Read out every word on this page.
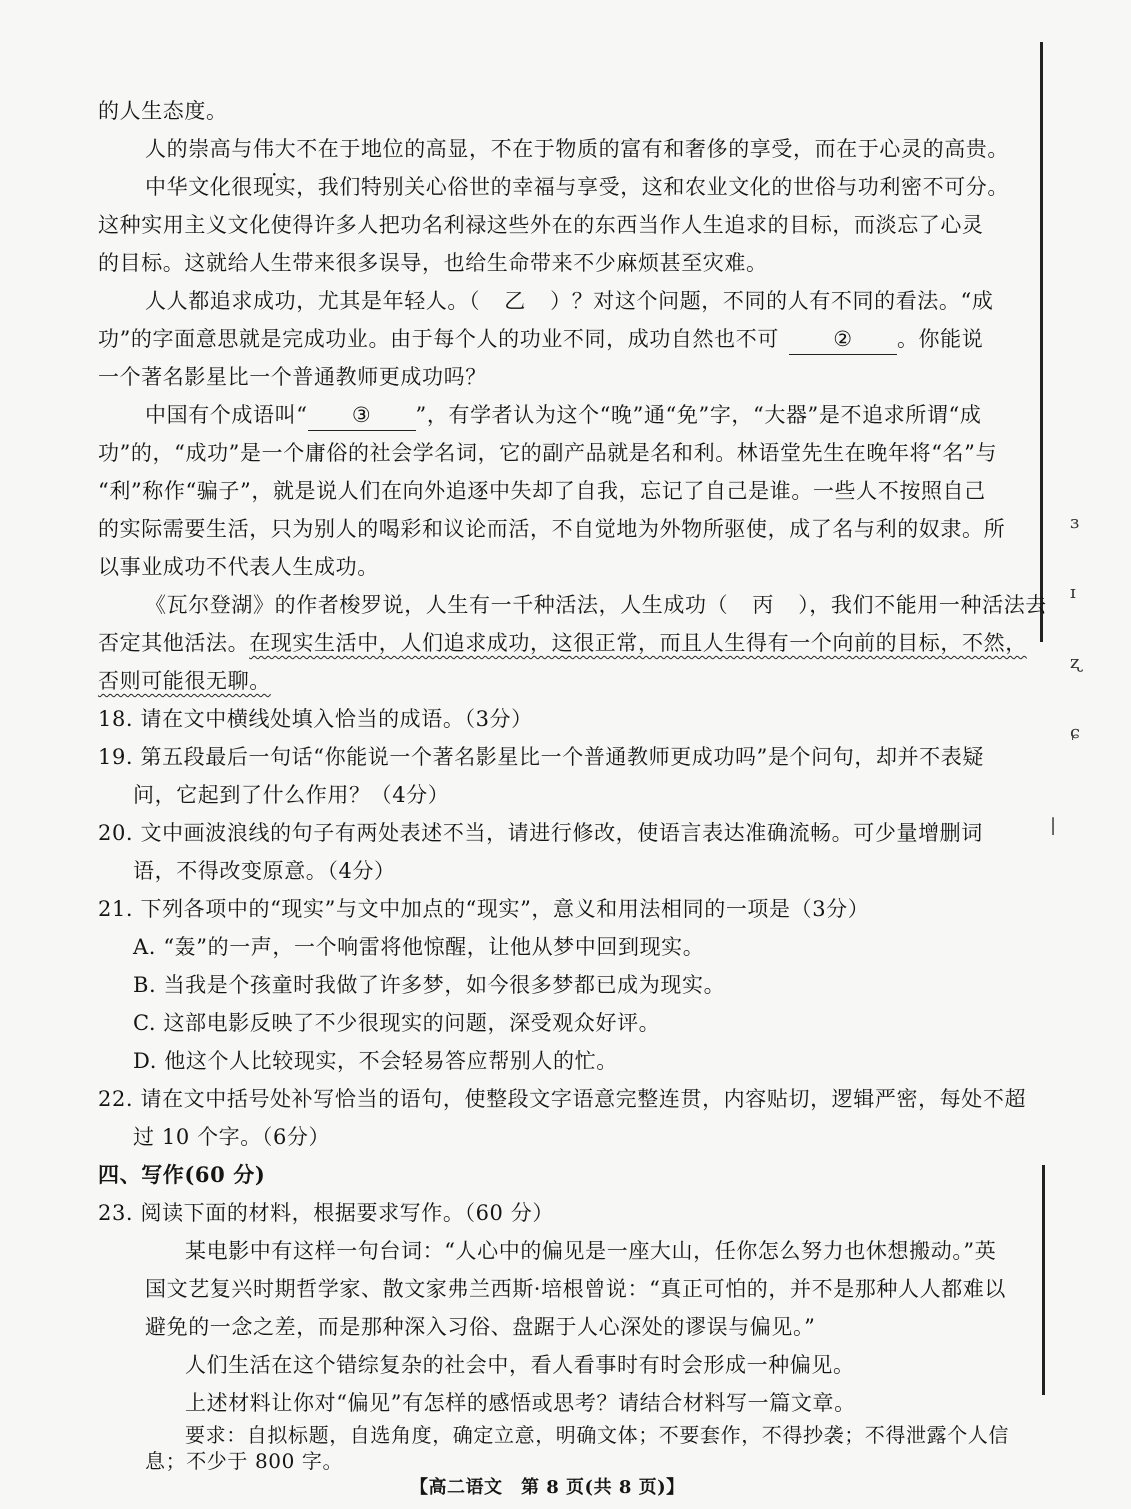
ɜ
ɪ
ʐ
ɕ
|
的人生态度。
人的崇高与伟大不在于地位的高显，不在于物质的富有和奢侈的享受，而在于心灵的高贵。
中华文化很现实，我们特别关心俗世的幸福与享受，这和农业文化的世俗与功利密不可分。
这种实用主义文化使得许多人把功名利禄这些外在的东西当作人生追求的目标，而淡忘了心灵
的目标。这就给人生带来很多误导，也给生命带来不少麻烦甚至灾难。
人人都追求成功，尤其是年轻人。（ 乙 ）？对这个问题，不同的人有不同的看法。“成
功”的字面意思就是完成功业。由于每个人的功业不同，成功自然也不可	② 。你能说
一个著名影星比一个普通教师更成功吗？
中国有个成语叫“ ③ ”，有学者认为这个“晚”通“免”字，“大器”是不追求所谓“成
功”的，“成功”是一个庸俗的社会学名词，它的副产品就是名和利。林语堂先生在晚年将“名”与
“利”称作“骗子”，就是说人们在向外追逐中失却了自我，忘记了自己是谁。一些人不按照自己
的实际需要生活，只为别人的喝彩和议论而活，不自觉地为外物所驱使，成了名与利的奴隶。所
以事业成功不代表人生成功。
《瓦尔登湖》的作者梭罗说，人生有一千种活法，人生成功（ 丙 ），我们不能用一种活法去
否定其他活法。在现实生活中，人们追求成功，这很正常，而且人生得有一个向前的目标，不然，
否则可能很无聊。
18. 请在文中横线处填入恰当的成语。（3分）
19. 第五段最后一句话“你能说一个著名影星比一个普通教师更成功吗”是个问句，却并不表疑
问，它起到了什么作用？（4分）
20. 文中画波浪线的句子有两处表述不当，请进行修改，使语言表达准确流畅。可少量增删词
语，不得改变原意。（4分）
21. 下列各项中的“现实”与文中加点的“现实”，意义和用法相同的一项是（3分）
A. “轰”的一声，一个响雷将他惊醒，让他从梦中回到现实。
B. 当我是个孩童时我做了许多梦，如今很多梦都已成为现实。
C. 这部电影反映了不少很现实的问题，深受观众好评。
D. 他这个人比较现实，不会轻易答应帮别人的忙。
22. 请在文中括号处补写恰当的语句，使整段文字语意完整连贯，内容贴切，逻辑严密，每处不超
过 10 个字。（6分）
四、写作(60 分)
23. 阅读下面的材料，根据要求写作。（60 分）
某电影中有这样一句台词：“人心中的偏见是一座大山，任你怎么努力也休想搬动。”英
国文艺复兴时期哲学家、散文家弗兰西斯·培根曾说：“真正可怕的，并不是那种人人都难以
避免的一念之差，而是那种深入习俗、盘踞于人心深处的谬误与偏见。”
人们生活在这个错综复杂的社会中，看人看事时有时会形成一种偏见。
上述材料让你对“偏见”有怎样的感悟或思考？请结合材料写一篇文章。
要求：自拟标题，自选角度，确定立意，明确文体；不要套作，不得抄袭；不得泄露个人信
息；不少于 800 字。
【高二语文　第 8 页(共 8 页)】
